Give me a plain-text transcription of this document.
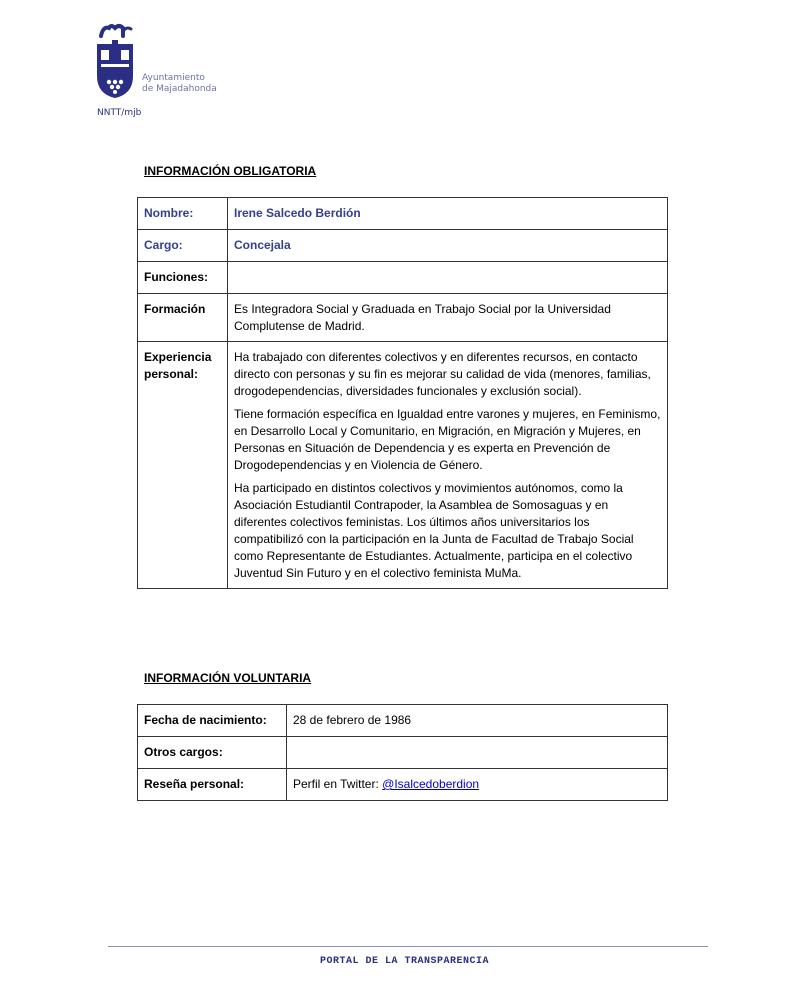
Ayuntamiento
de Majadahonda
NNTT/mjb
INFORMACIÓN OBLIGATORIA
Nombre:	Irene Salcedo Berdión
Cargo:	Concejala
Funciones:	
Formación	Es Integradora Social y Graduada en Trabajo Social por la Universidad Complutense de Madrid.
Experiencia personal:	Ha trabajado con diferentes colectivos y en diferentes recursos, en contacto directo con personas y su fin es mejorar su calidad de vida (menores, familias, drogodependencias, diversidades funcionales y exclusión social).

Tiene formación específica en Igualdad entre varones y mujeres, en Feminismo, en Desarrollo Local y Comunitario, en Migración, en Migración y Mujeres, en Personas en Situación de Dependencia y es experta en Prevención de Drogodependencias y en Violencia de Género.

Ha participado en distintos colectivos y movimientos autónomos, como la Asociación Estudiantil Contrapoder, la Asamblea de Somosaguas y en diferentes colectivos feministas. Los últimos años universitarios los compatibilizó con la participación en la Junta de Facultad de Trabajo Social como Representante de Estudiantes. Actualmente, participa en el colectivo Juventud Sin Futuro y en el colectivo feminista MuMa.

INFORMACIÓN VOLUNTARIA
Fecha de nacimiento:	28 de febrero de 1986
Otros cargos:	
Reseña personal:	Perfil en Twitter: @Isalcedoberdion
PORTAL DE LA TRANSPARENCIA
